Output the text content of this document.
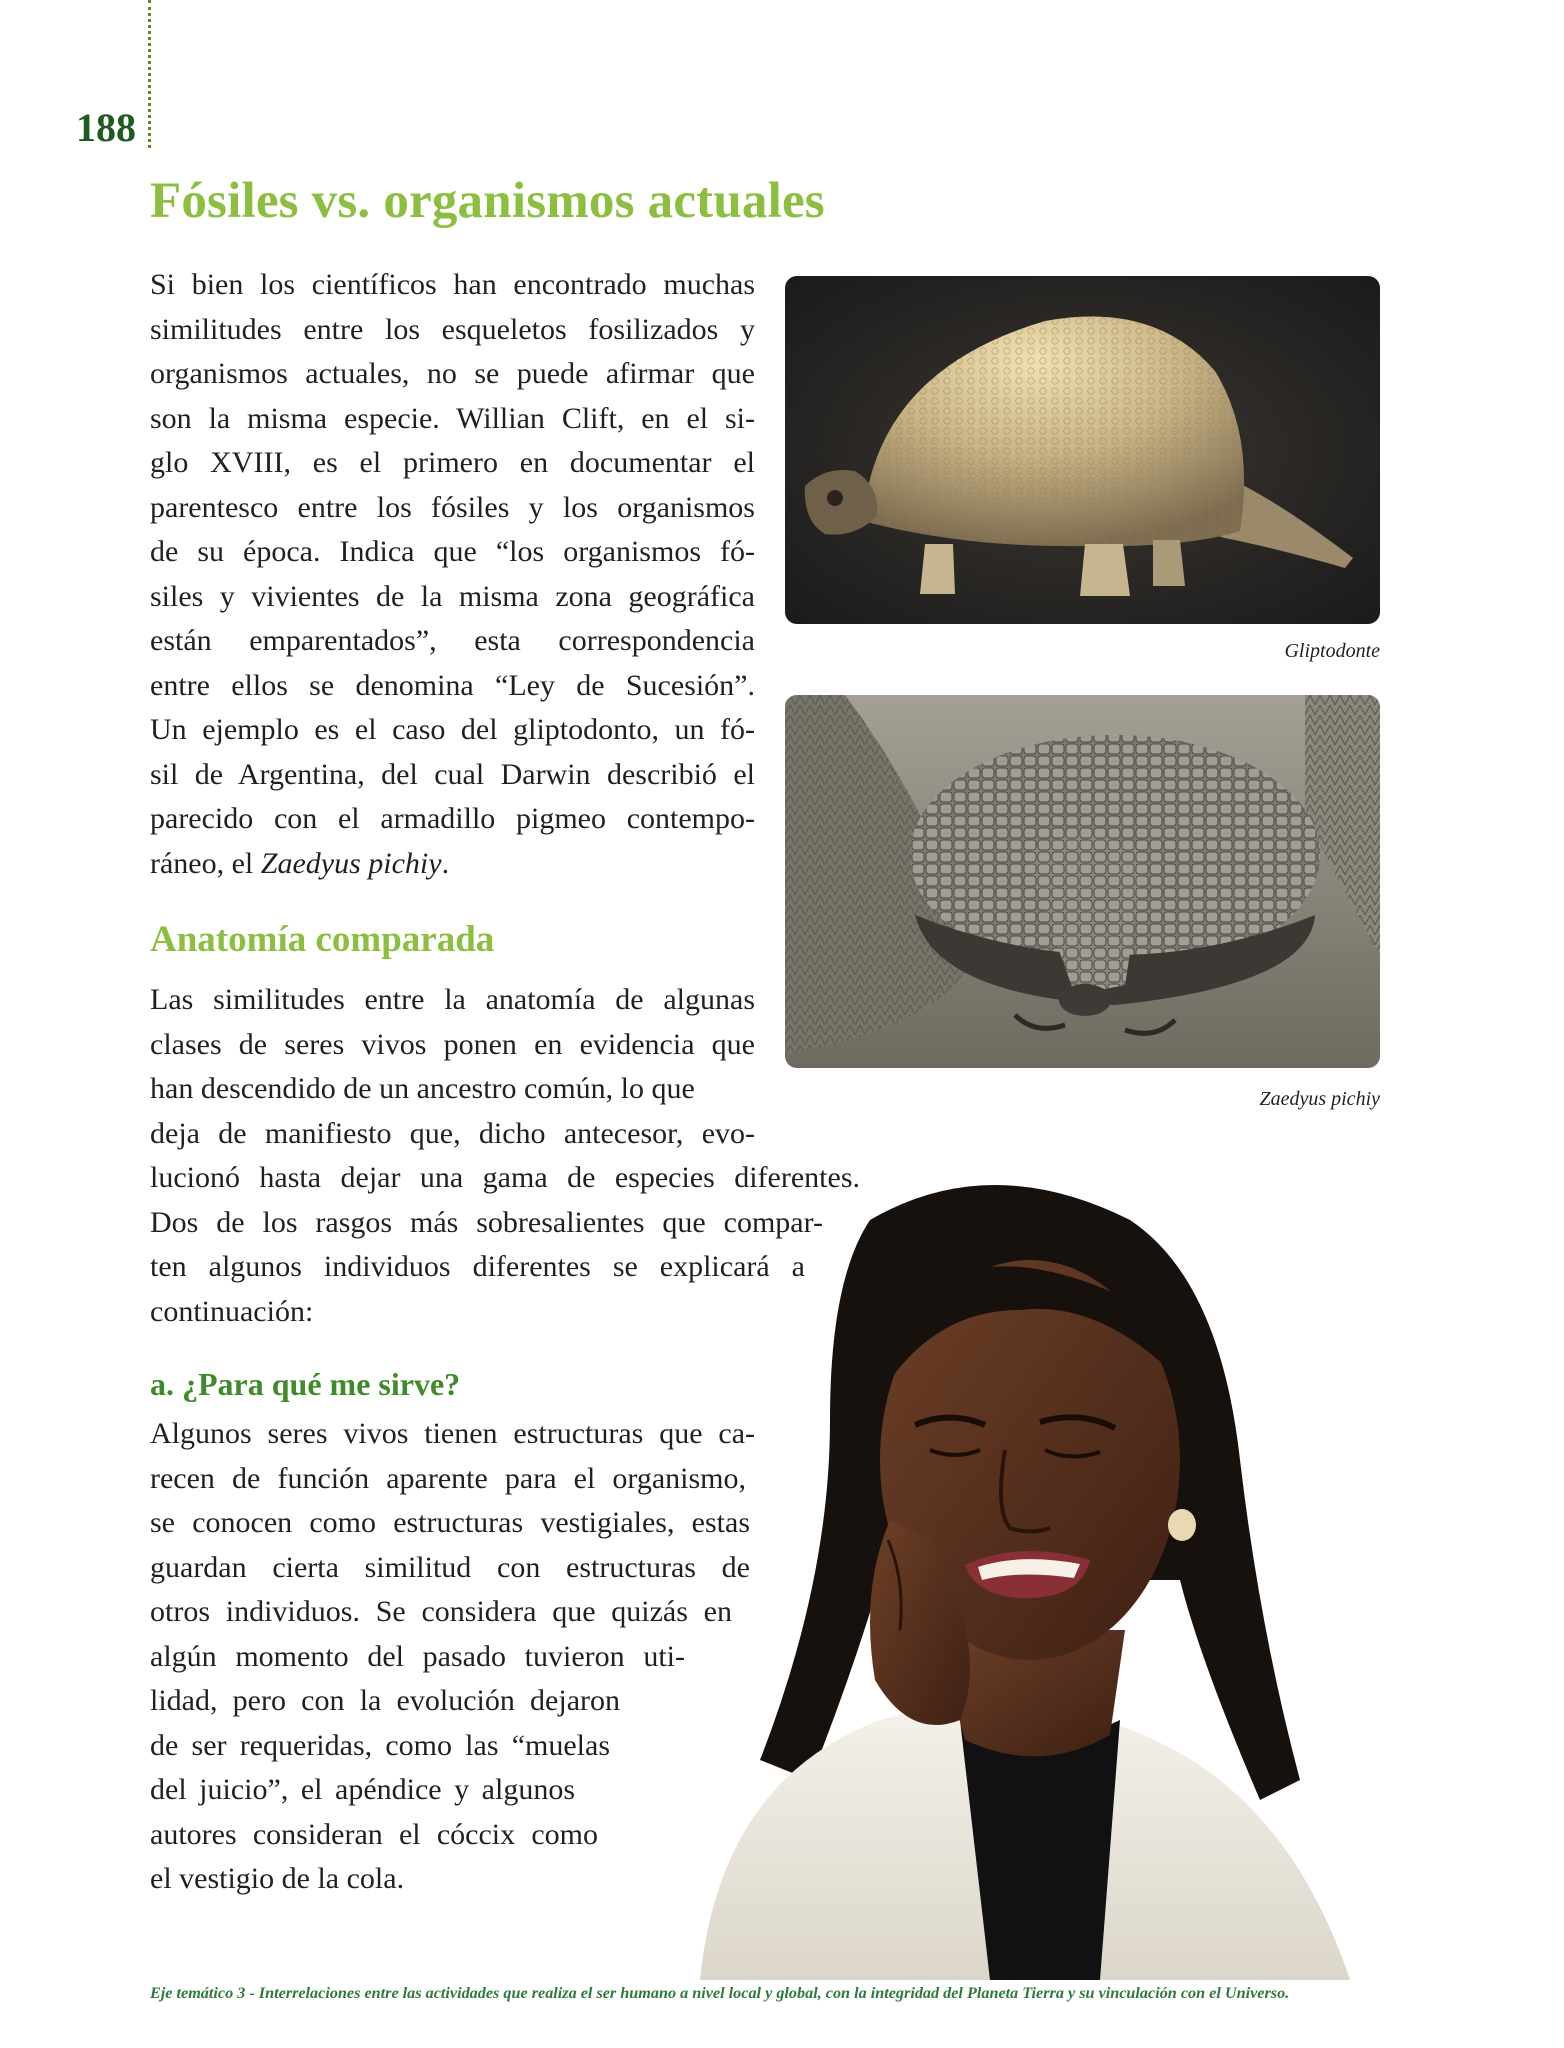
188
Fósiles vs. organismos actuales
Si bien los científicos han encontrado muchas
similitudes entre los esqueletos fosilizados y
organismos actuales, no se puede afirmar que
son la misma especie. Willian Clift, en el si-
glo XVIII, es el primero en documentar el
parentesco entre los fósiles y los organismos
de su época. Indica que “los organismos fó-
siles y vivientes de la misma zona geográfica
están emparentados”, esta correspondencia
entre ellos se denomina “Ley de Sucesión”.
Un ejemplo es el caso del gliptodonto, un fó-
sil de Argentina, del cual Darwin describió el
parecido con el armadillo pigmeo contempo-
ráneo, el Zaedyus pichiy.
Anatomía comparada
Las similitudes entre la anatomía de algunas
clases de seres vivos ponen en evidencia que
han descendido de un ancestro común, lo que
deja de manifiesto que, dicho antecesor, evo-
lucionó hasta dejar una gama de especies diferentes.
Dos de los rasgos más sobresalientes que compar-
ten algunos individuos diferentes se explicará a
continuación:
a. ¿Para qué me sirve?
Algunos seres vivos tienen estructuras que ca-
recen de función aparente para el organismo,
se conocen como estructuras vestigiales, estas
guardan cierta similitud con estructuras de
otros individuos. Se considera que quizás en
algún momento del pasado tuvieron uti-
lidad, pero con la evolución dejaron
de ser requeridas, como las “muelas
del juicio”, el apéndice y algunos
autores consideran el cóccix como
el vestigio de la cola.

Gliptodonte

Zaedyus pichiy

Eje temático 3 - Interrelaciones entre las actividades que realiza el ser humano a nivel local y global, con la integridad del Planeta Tierra y su vinculación con el Universo.
